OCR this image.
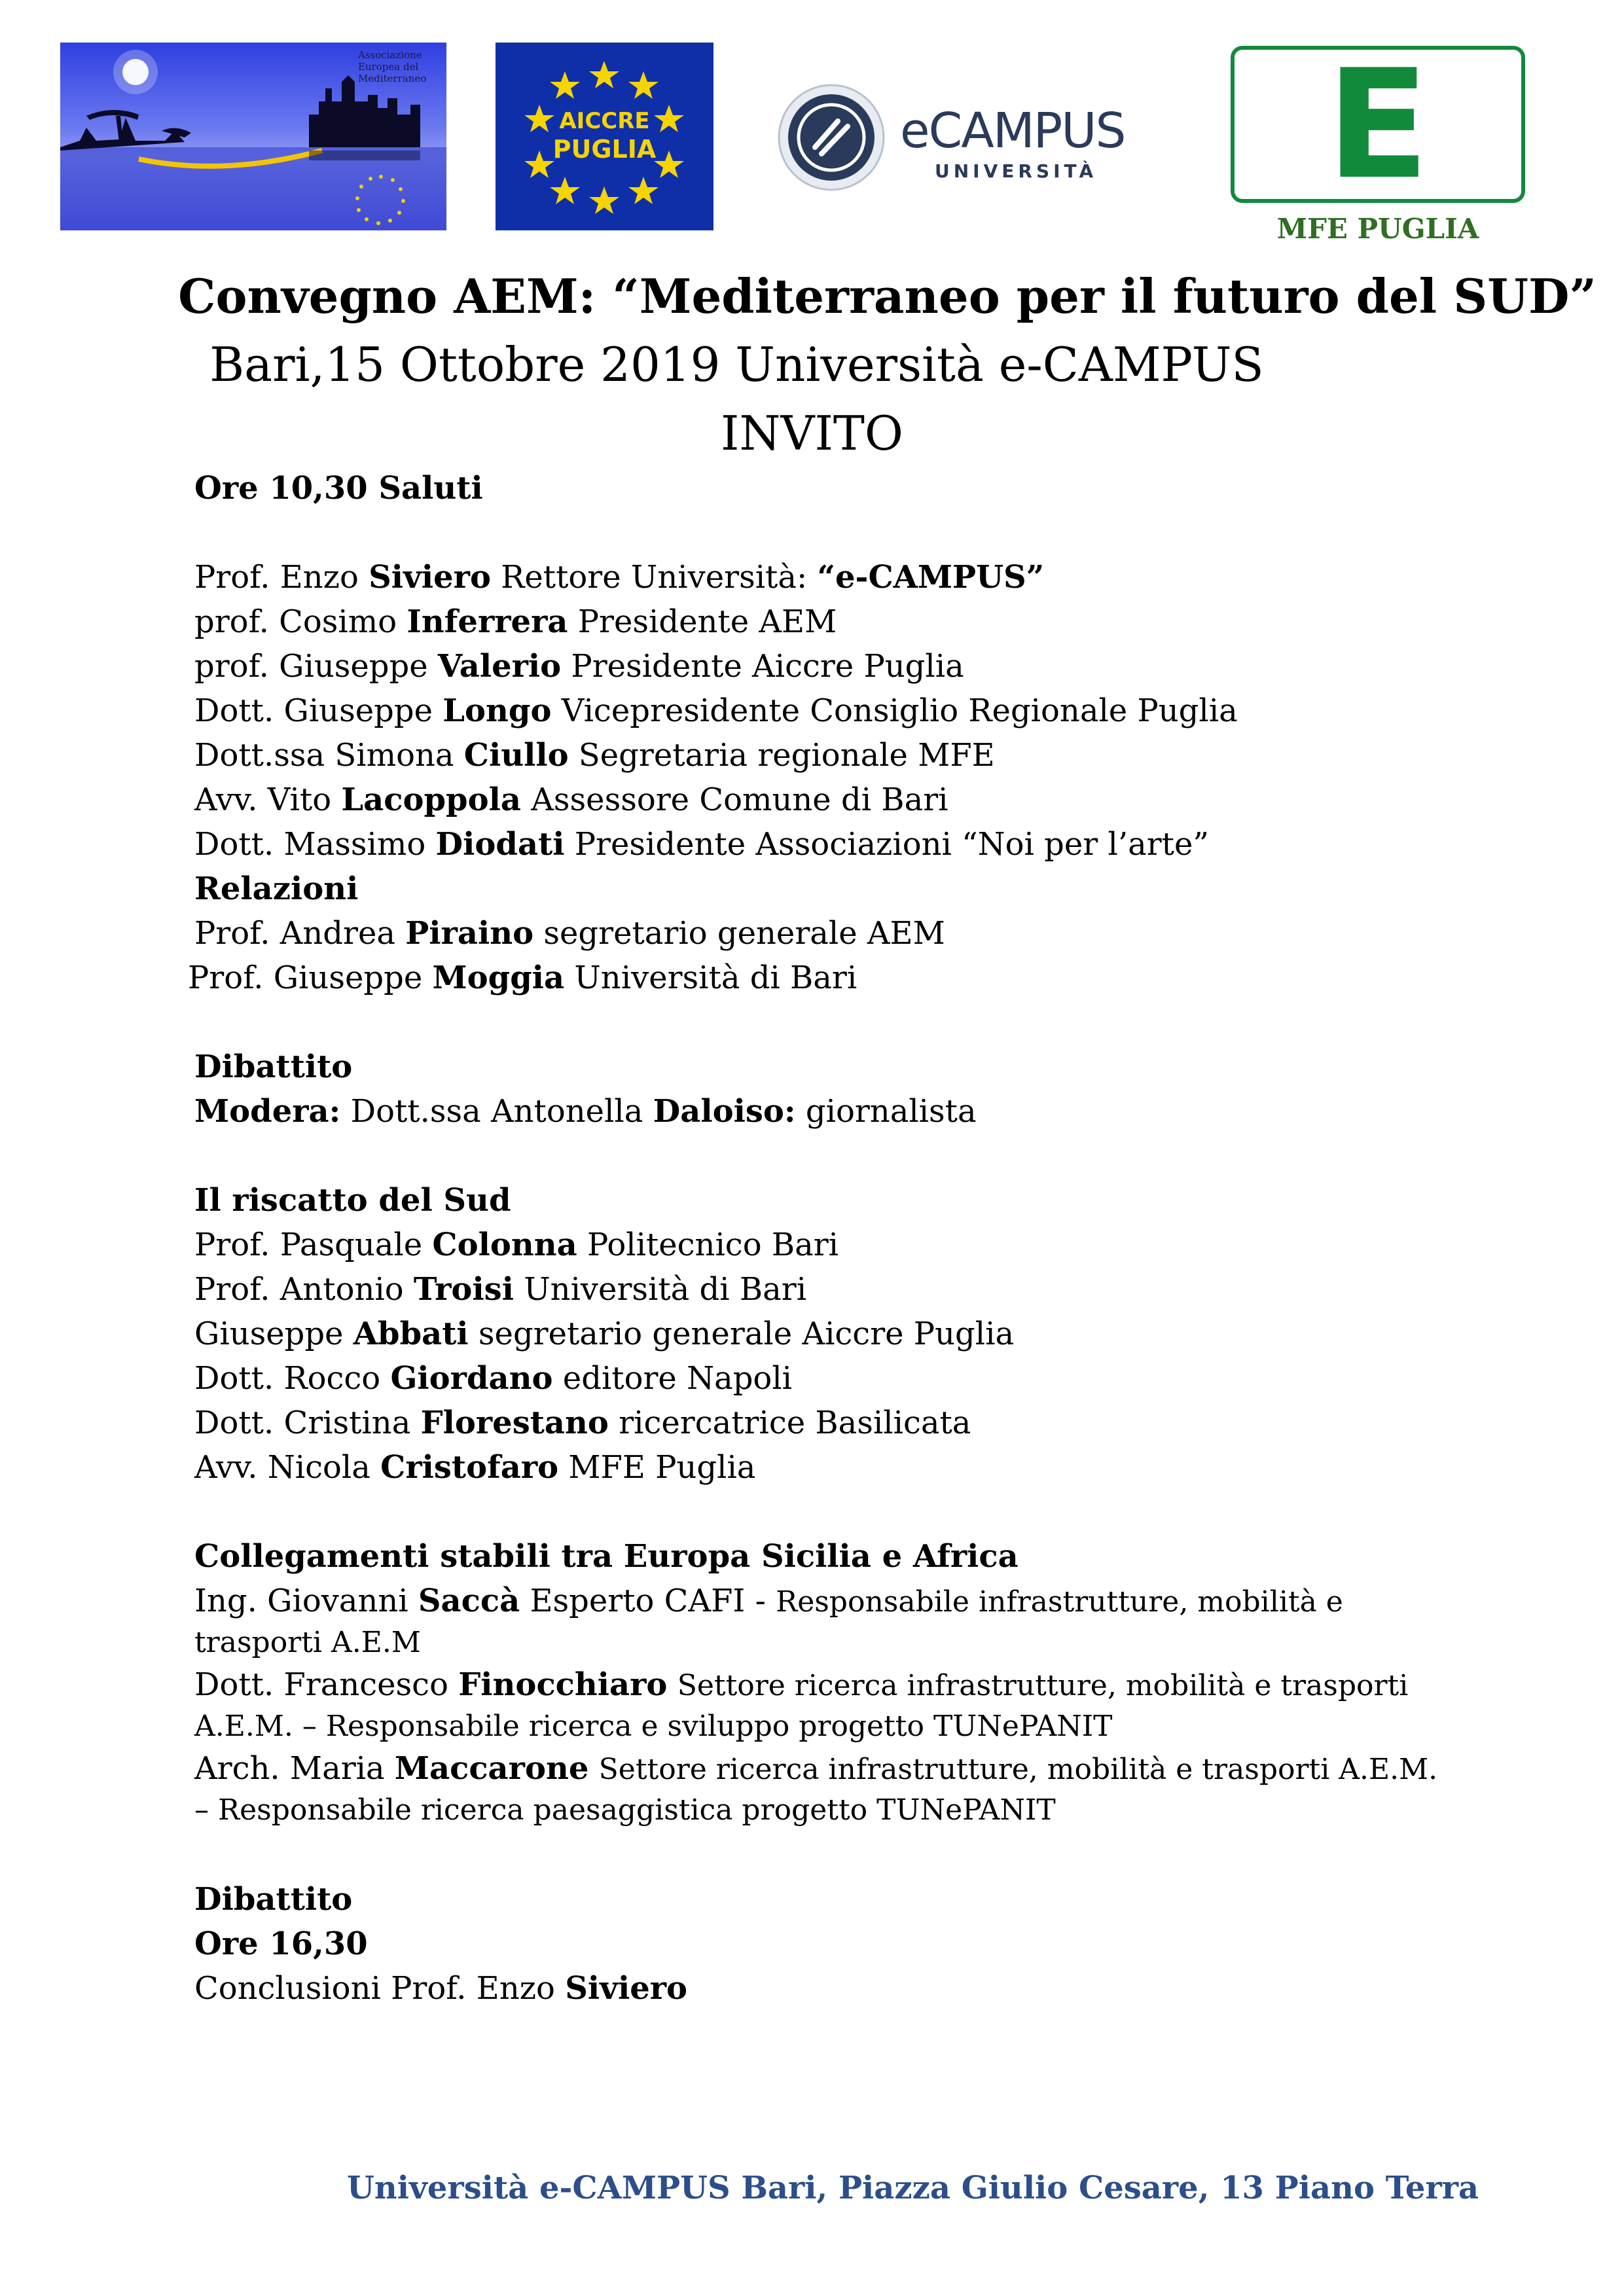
Associazione
Europea del
Mediterraneo
AICCRE
PUGLIA	eCAMPUS
UNIVERSITÀ	E
MFE PUGLIA
Convegno AEM: “Mediterraneo per il futuro del SUD”
Bari,15 Ottobre 2019 Università e-CAMPUS
INVITO
Ore 10,30 Saluti
Prof. Enzo Siviero Rettore Università: “e-CAMPUS”
prof. Cosimo Inferrera Presidente AEM
prof. Giuseppe Valerio Presidente Aiccre Puglia
Dott. Giuseppe Longo Vicepresidente Consiglio Regionale Puglia
Dott.ssa Simona Ciullo Segretaria regionale MFE
Avv. Vito Lacoppola Assessore Comune di Bari
Dott. Massimo Diodati Presidente Associazioni “Noi per l’arte”
Relazioni
Prof. Andrea Piraino segretario generale AEM
Prof. Giuseppe Moggia Università di Bari
Dibattito
Modera: Dott.ssa Antonella Daloiso: giornalista
Il riscatto del Sud
Prof. Pasquale Colonna Politecnico Bari
Prof. Antonio Troisi Università di Bari
Giuseppe Abbati segretario generale Aiccre Puglia
Dott. Rocco Giordano editore Napoli
Dott. Cristina Florestano ricercatrice Basilicata
Avv. Nicola Cristofaro MFE Puglia
Collegamenti stabili tra Europa Sicilia e Africa
Ing. Giovanni Saccà Esperto CAFI - Responsabile infrastrutture, mobilità e
trasporti A.E.M
Dott. Francesco Finocchiaro Settore ricerca infrastrutture, mobilità e trasporti
A.E.M. – Responsabile ricerca e sviluppo progetto TUNePANIT
Arch. Maria Maccarone Settore ricerca infrastrutture, mobilità e trasporti A.E.M.
– Responsabile ricerca paesaggistica progetto TUNePANIT
Dibattito
Ore 16,30
Conclusioni Prof. Enzo Siviero
Università e-CAMPUS Bari, Piazza Giulio Cesare, 13 Piano Terra
